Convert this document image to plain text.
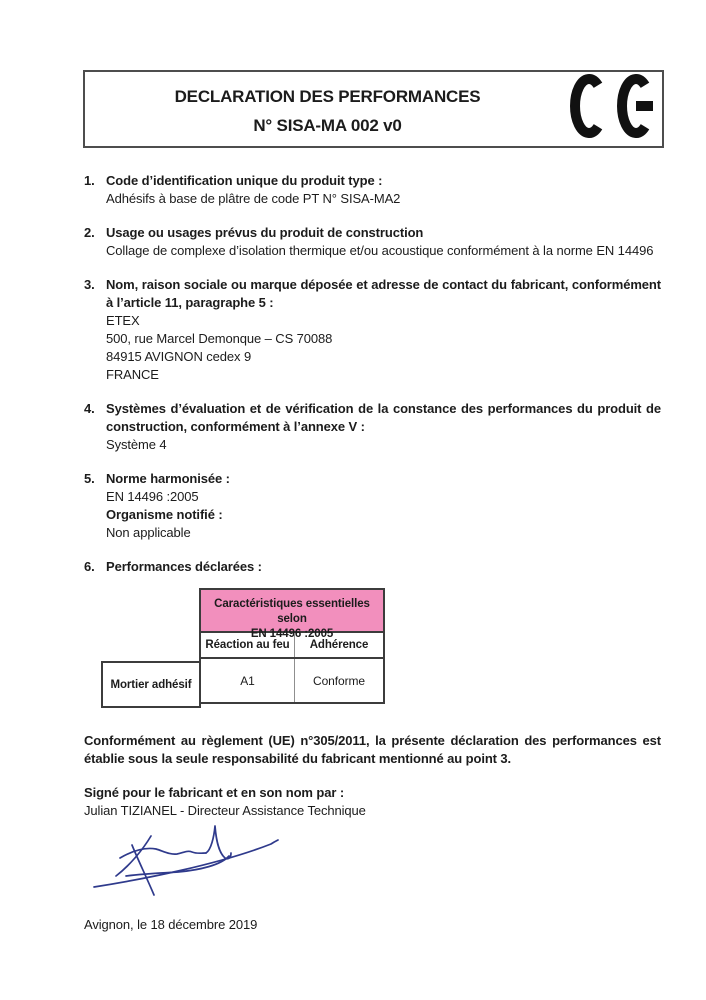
DECLARATION DES PERFORMANCES
N° SISA-MA 002 v0
1. Code d’identification unique du produit type :
Adhésifs à base de plâtre de code PT N° SISA-MA2
2. Usage ou usages prévus du produit de construction
Collage de complexe d’isolation thermique et/ou acoustique conformément à la norme EN 14496
3. Nom, raison sociale ou marque déposée et adresse de contact du fabricant, conformément à l’article 11, paragraphe 5 :
ETEX
500, rue Marcel Demonque – CS 70088
84915 AVIGNON cedex 9
FRANCE
4. Systèmes d’évaluation et de vérification de la constance des performances du produit de construction, conformément à l’annexe V :
Système 4
5. Norme harmonisée :
EN 14496 :2005
Organisme notifié :
Non applicable
6. Performances déclarées :
Mortier adhésif
Caractéristiques essentielles selon
EN 14496 :2005
Réaction au feu	Adhérence
A1	Conforme
Conformément au règlement (UE) n°305/2011, la présente déclaration des performances est établie sous la seule responsabilité du fabricant mentionné au point 3.
Signé pour le fabricant et en son nom par :
Julian TIZIANEL - Directeur Assistance Technique
Avignon, le 18 décembre 2019
